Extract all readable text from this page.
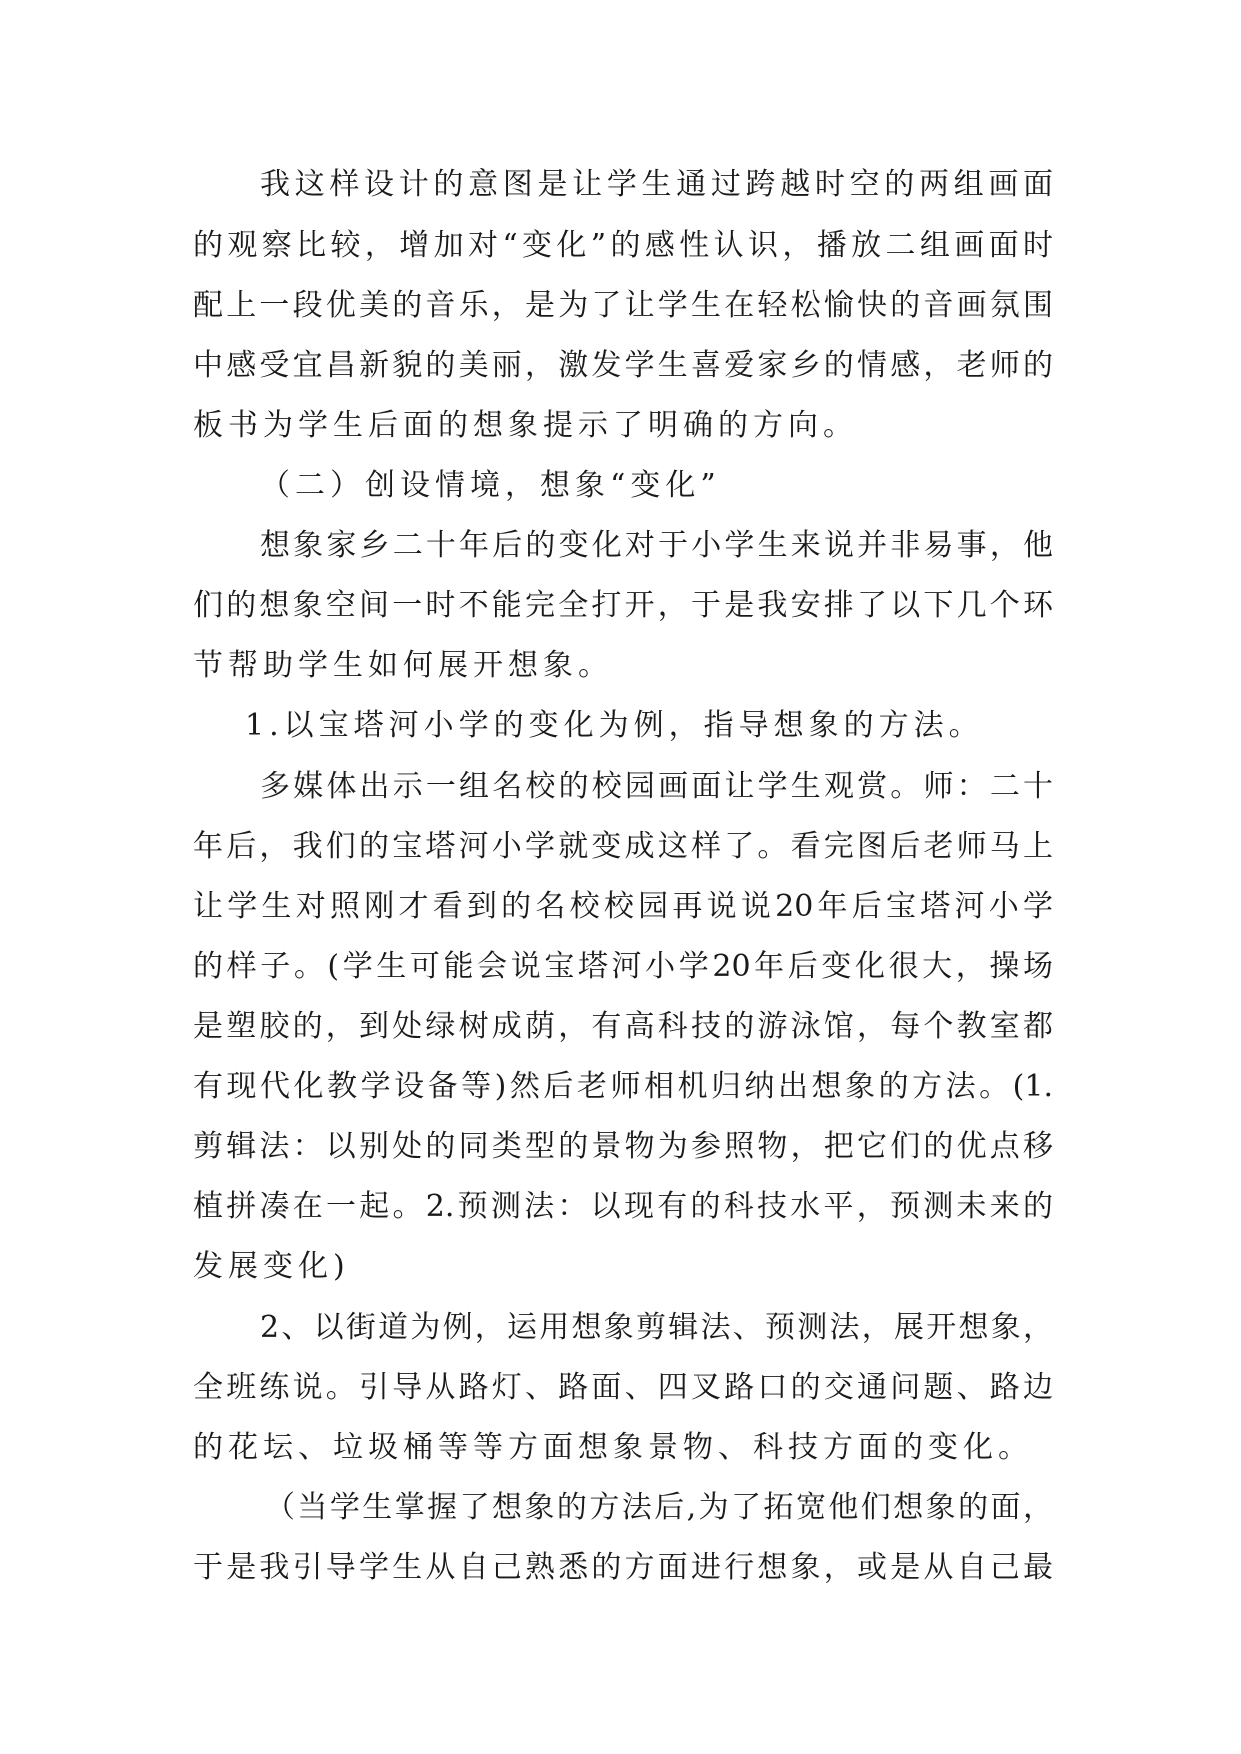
我这样设计的意图是让学生通过跨越时空的两组画面
的观察比较，增加对“变化”的感性认识，播放二组画面时
配上一段优美的音乐，是为了让学生在轻松愉快的音画氛围
中感受宜昌新貌的美丽，激发学生喜爱家乡的情感，老师的
板书为学生后面的想象提示了明确的方向。
（二）创设情境，想象“变化”
想象家乡二十年后的变化对于小学生来说并非易事，他
们的想象空间一时不能完全打开，于是我安排了以下几个环
节帮助学生如何展开想象。
1.以宝塔河小学的变化为例，指导想象的方法。
多媒体出示一组名校的校园画面让学生观赏。师：二十
年后，我们的宝塔河小学就变成这样了。看完图后老师马上
让学生对照刚才看到的名校校园再说说20年后宝塔河小学
的样子。(学生可能会说宝塔河小学20年后变化很大，操场
是塑胶的，到处绿树成荫，有高科技的游泳馆，每个教室都
有现代化教学设备等)然后老师相机归纳出想象的方法。(1.
剪辑法：以别处的同类型的景物为参照物，把它们的优点移
植拼凑在一起。2.预测法：以现有的科技水平，预测未来的
发展变化)
2、以街道为例，运用想象剪辑法、预测法，展开想象，
全班练说。引导从路灯、路面、四叉路口的交通问题、路边
的花坛、垃圾桶等等方面想象景物、科技方面的变化。
（当学生掌握了想象的方法后,为了拓宽他们想象的面，
于是我引导学生从自己熟悉的方面进行想象，或是从自己最
